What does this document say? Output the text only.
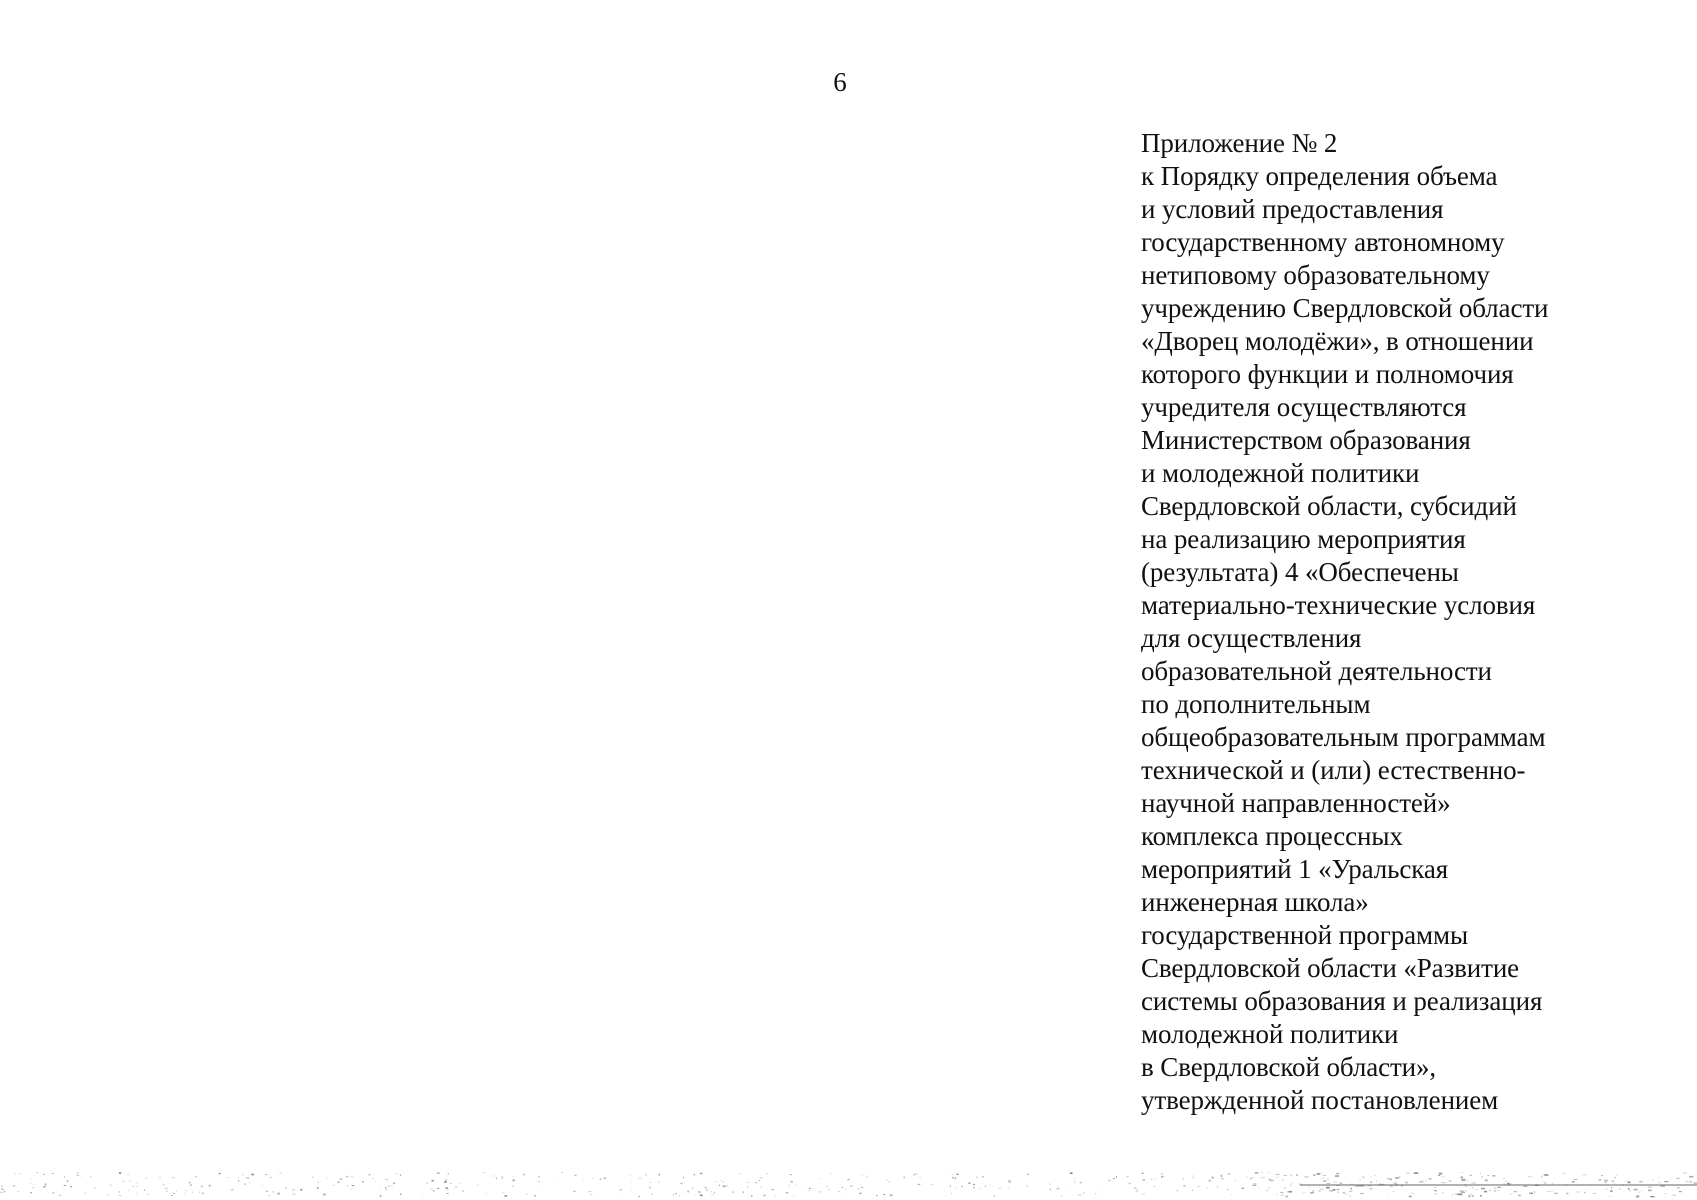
6
Приложение № 2
к Порядку определения объема
и условий предоставления
государственному автономному
нетиповому образовательному
учреждению Свердловской области
«Дворец молодёжи», в отношении
которого функции и полномочия
учредителя осуществляются
Министерством образования
и молодежной политики
Свердловской области, субсидий
на реализацию мероприятия
(результата) 4 «Обеспечены
материально-технические условия
для осуществления
образовательной деятельности
по дополнительным
общеобразовательным программам
технической и (или) естественно-
научной направленностей»
комплекса процессных
мероприятий 1 «Уральская
инженерная школа»
государственной программы
Свердловской области «Развитие
системы образования и реализация
молодежной политики
в Свердловской области»,
утвержденной постановлением
